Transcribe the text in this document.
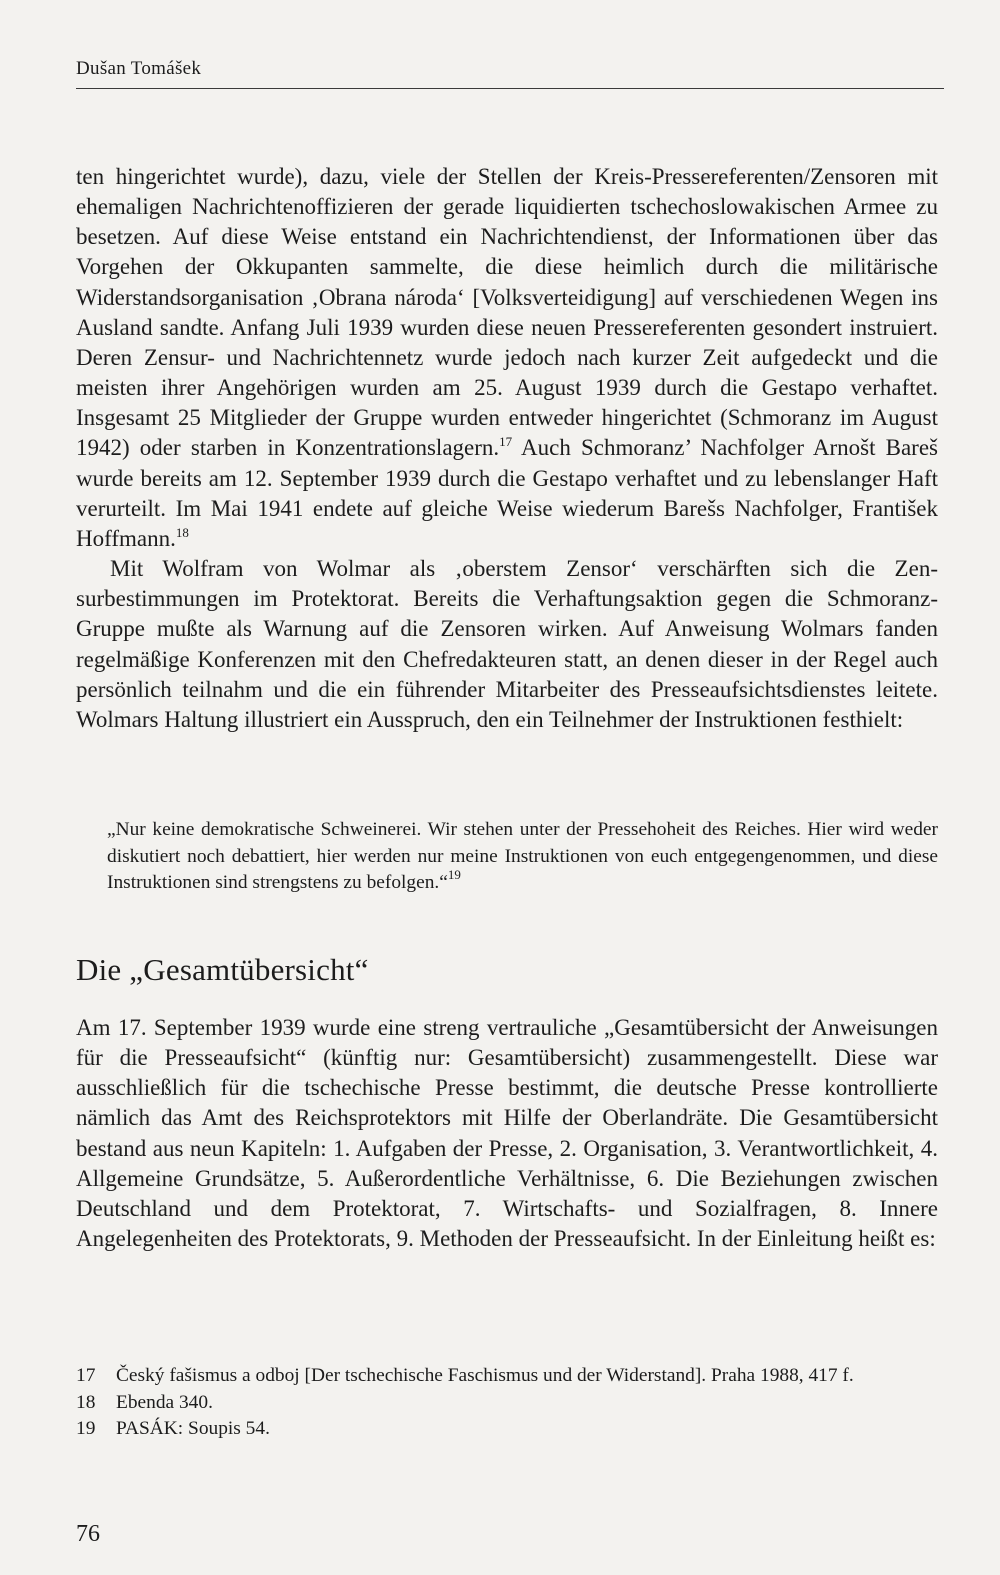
Dušan Tomášek

ten hingerichtet wurde), dazu, viele der Stellen der Kreis-Pressereferenten/Zensoren mit ehemaligen Nachrichtenoffizieren der gerade liquidierten tschechoslowakischen Armee zu besetzen. Auf diese Weise entstand ein Nachrichtendienst, der Informationen über das Vorgehen der Okkupanten sammelte, die diese heimlich durch die militärische Widerstandsorganisation ‚Obrana národa‘ [Volksverteidigung] auf verschiedenen Wegen ins Ausland sandte. Anfang Juli 1939 wurden diese neuen Pressereferenten gesondert instruiert. Deren Zensur- und Nachrichtennetz wurde jedoch nach kurzer Zeit aufgedeckt und die meisten ihrer Angehörigen wurden am 25. August 1939 durch die Gestapo verhaftet. Insgesamt 25 Mitglieder der Gruppe wurden entweder hingerichtet (Schmoranz im August 1942) oder starben in Konzentrationslagern.$^{17}$ Auch Schmoranz’ Nachfolger Arnošt Bareš wurde bereits am 12. September 1939 durch die Gestapo verhaftet und zu lebenslanger Haft verurteilt. Im Mai 1941 endete auf gleiche Weise wiederum Barešs Nachfolger, František Hoffmann.$^{18}$

Mit Wolfram von Wolmar als ‚oberstem Zensor‘ verschärften sich die Zensurbestimmungen im Protektorat. Bereits die Verhaftungsaktion gegen die Schmoranz-Gruppe mußte als Warnung auf die Zensoren wirken. Auf Anweisung Wolmars fanden regelmäßige Konferenzen mit den Chefredakteuren statt, an denen dieser in der Regel auch persönlich teilnahm und die ein führender Mitarbeiter des Presseaufsichtsdienstes leitete. Wolmars Haltung illustriert ein Ausspruch, den ein Teilnehmer der Instruktionen festhielt:

„Nur keine demokratische Schweinerei. Wir stehen unter der Pressehoheit des Reiches. Hier wird weder diskutiert noch debattiert, hier werden nur meine Instruktionen von euch entgegengenommen, und diese Instruktionen sind strengstens zu befolgen.“$^{19}$
Die „Gesamtübersicht“
Am 17. September 1939 wurde eine streng vertrauliche „Gesamtübersicht der Anweisungen für die Presseaufsicht“ (künftig nur: Gesamtübersicht) zusammengestellt. Diese war ausschließlich für die tschechische Presse bestimmt, die deutsche Presse kontrollierte nämlich das Amt des Reichsprotektors mit Hilfe der Oberlandräte. Die Gesamtübersicht bestand aus neun Kapiteln: 1. Aufgaben der Presse, 2. Organisation, 3. Verantwortlichkeit, 4. Allgemeine Grundsätze, 5. Außerordentliche Verhältnisse, 6. Die Beziehungen zwischen Deutschland und dem Protektorat, 7. Wirtschafts- und Sozialfragen, 8. Innere Angelegenheiten des Protektorats, 9. Methoden der Presseaufsicht. In der Einleitung heißt es:
17	Český fašismus a odboj [Der tschechische Faschismus und der Widerstand]. Praha 1988, 417 f.
18	Ebenda 340.
19	PASÁK: Soupis 54.
76
